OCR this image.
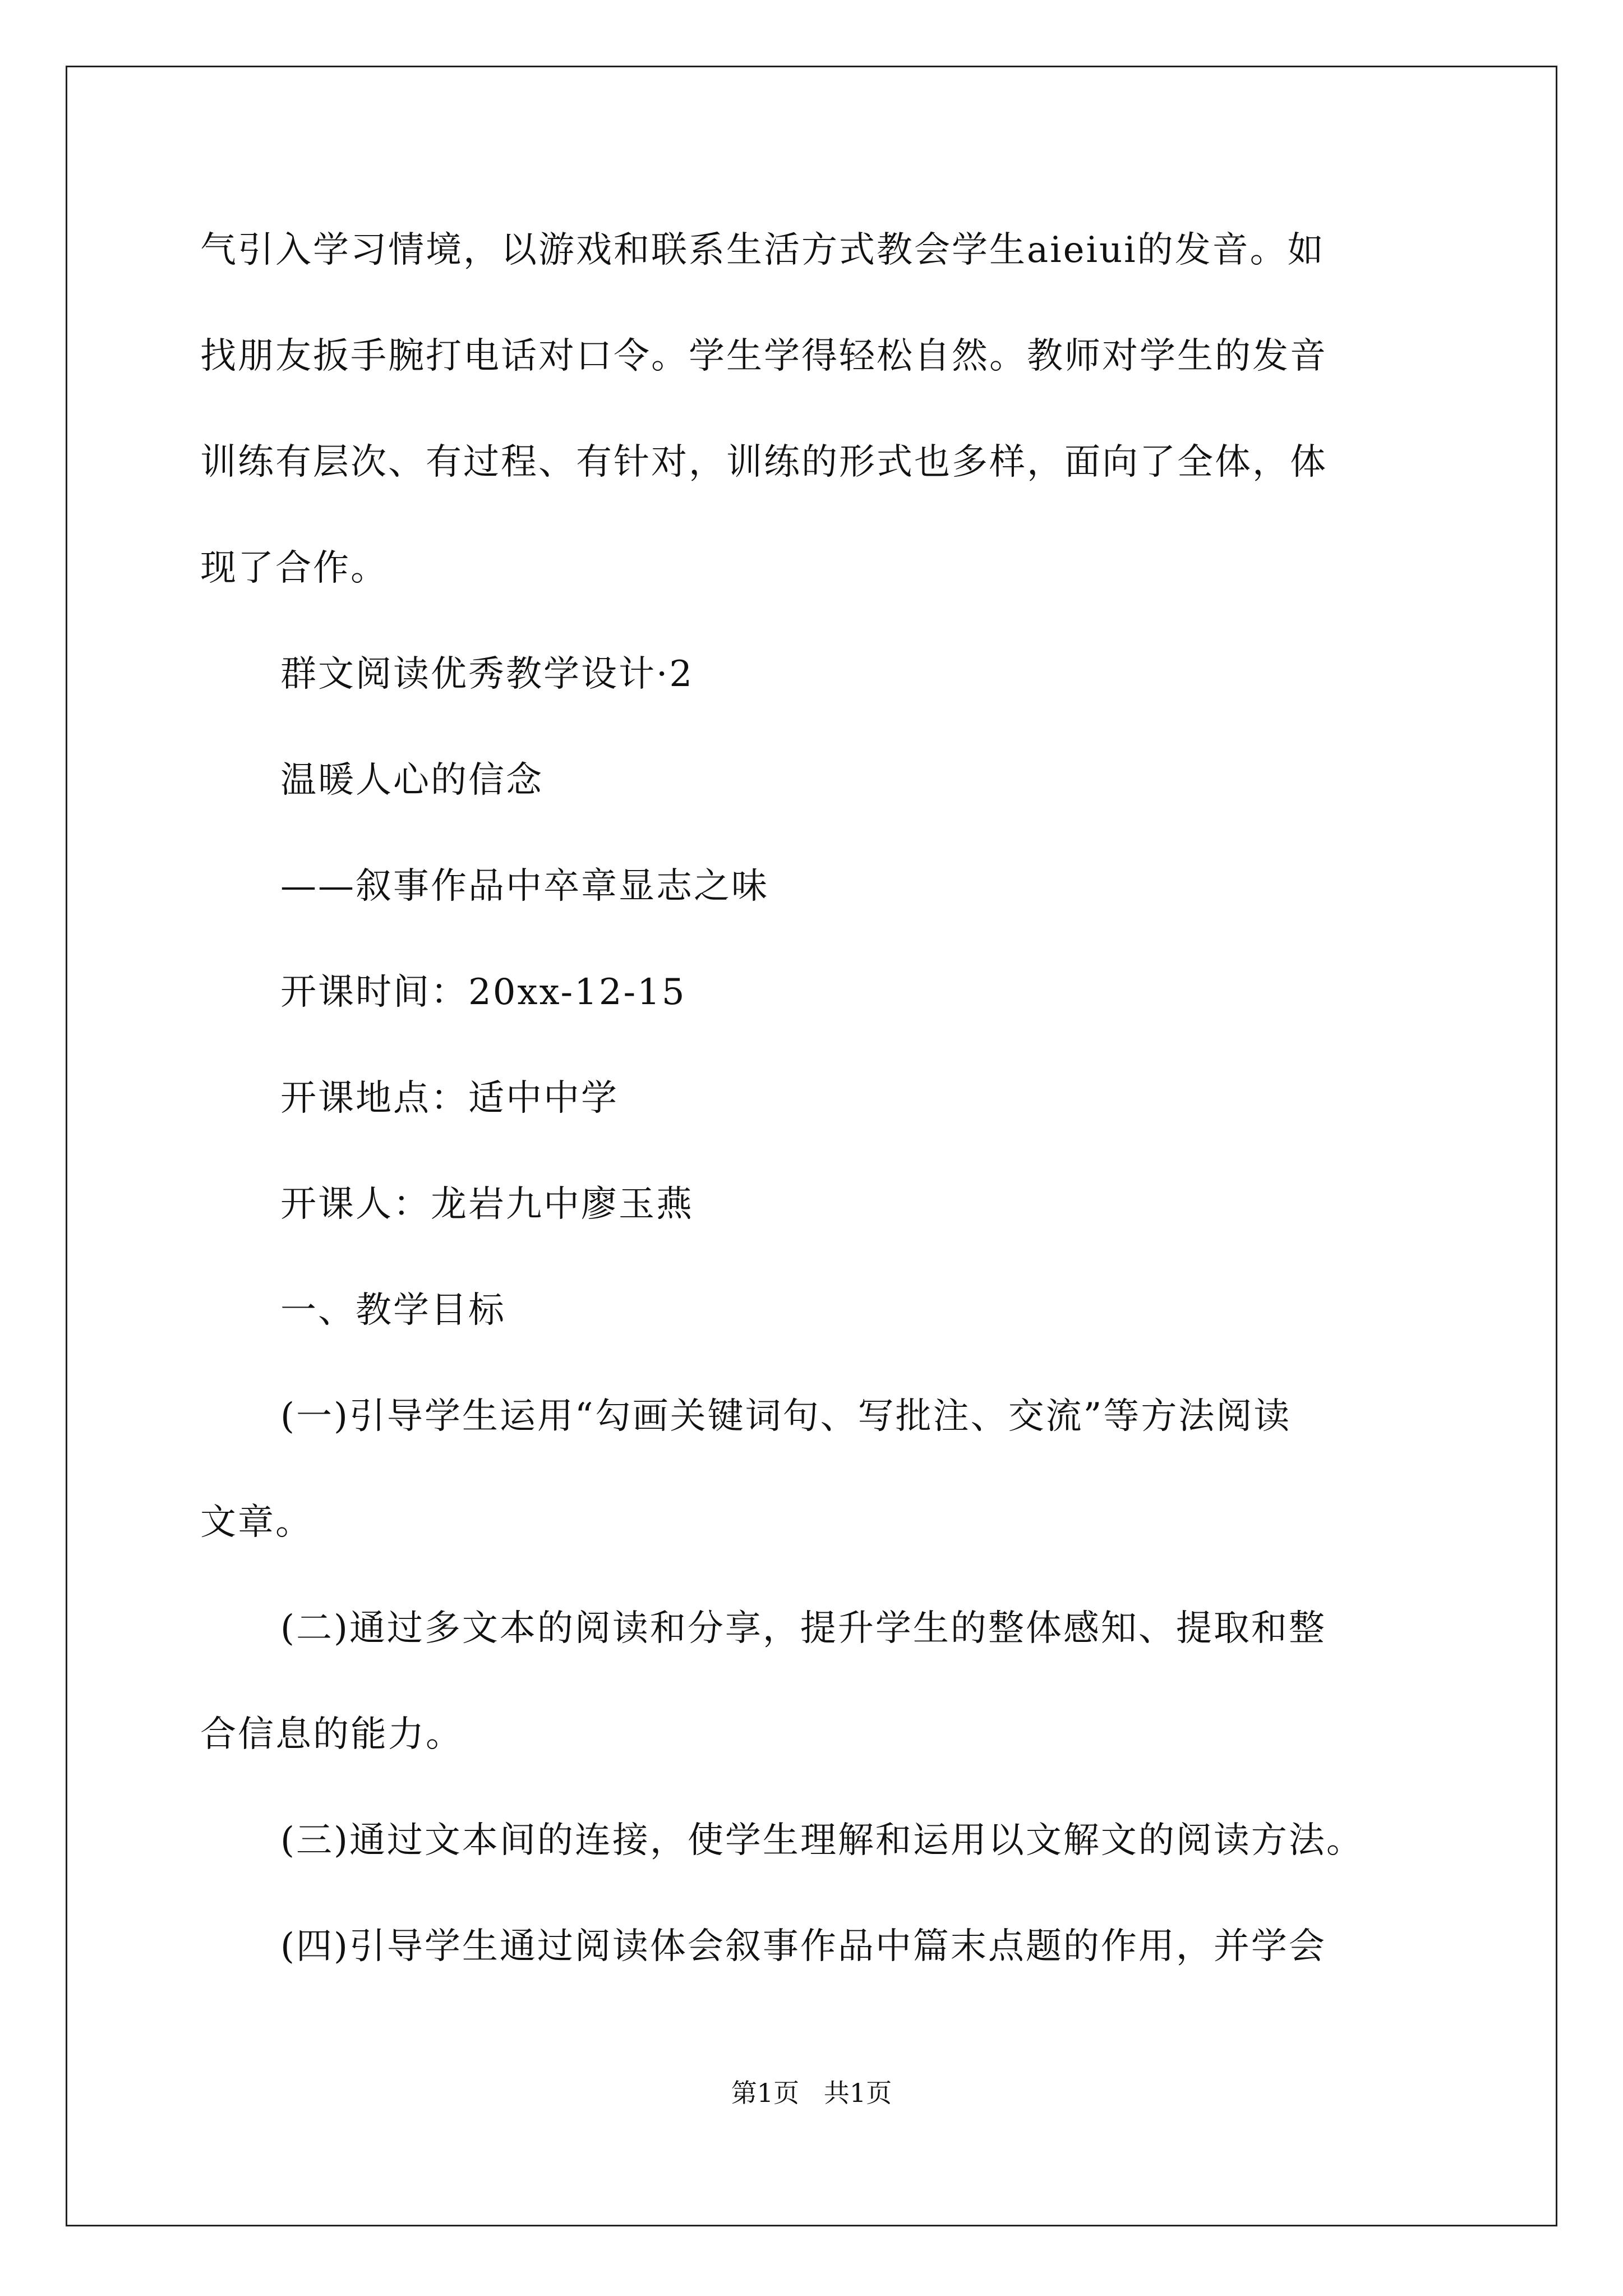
气引入学习情境，以游戏和联系生活方式教会学生aieiui的发音。如
找朋友扳手腕打电话对口令。学生学得轻松自然。教师对学生的发音
训练有层次、有过程、有针对，训练的形式也多样，面向了全体，体
现了合作。
群文阅读优秀教学设计·2
温暖人心的信念
——叙事作品中卒章显志之味
开课时间：20xx-12-15
开课地点：适中中学
开课人：龙岩九中廖玉燕
一、教学目标
(一)引导学生运用“勾画关键词句、写批注、交流”等方法阅读
文章。
(二)通过多文本的阅读和分享，提升学生的整体感知、提取和整
合信息的能力。
(三)通过文本间的连接，使学生理解和运用以文解文的阅读方法。
(四)引导学生通过阅读体会叙事作品中篇末点题的作用，并学会
第1页   共1页
